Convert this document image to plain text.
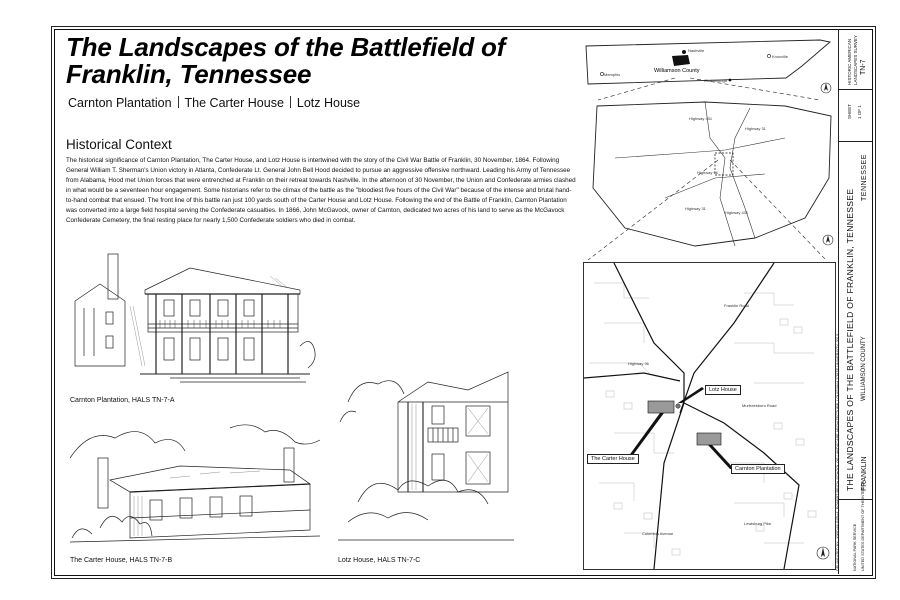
The Landscapes of the Battlefield of Franklin, Tennessee
Carnton Plantation The Carter House Lotz House
Historical Context
The historical significance of Carnton Plantation, The Carter House, and Lotz House is intertwined with the story of the Civil War Battle of Franklin, 30 November, 1864. Following General William T. Sherman's Union victory in Atlanta, Confederate Lt. General John Bell Hood decided to pursue an aggressive offensive northward. Leading his Army of Tennessee from Alabama, Hood met Union forces that were entrenched at Franklin on their retreat towards Nashville. In the afternoon of 30 November, the Union and Confederate armies clashed in what would be a seventeen hour engagement. Some historians refer to the climax of the battle as the "bloodiest five hours of the Civil War" because of the intense and brutal hand-to-hand combat that ensued. The front line of this battle ran just 100 yards south of the Carter House and Lotz House. Following the end of the Battle of Franklin, Carnton Plantation was converted into a large field hospital serving the Confederate casualties. In 1866, John McGavock, owner of Carnton, dedicated two acres of his land to serve as the McGavock Confederate Cemetery, the final resting place for nearly 1,500 Confederate soldiers who died in combat.
Carnton Plantation, HALS TN-7-A
The Carter House, HALS TN-7-B	Lotz House, HALS TN-7-C
Nashville
Knoxville
Memphis
Chattanooga
Williamson County
Highway 431
Highway 31
Highway 96
Highway 31
Highway 431
Lotz House
The Carter House
Carnton Plantation
Highway 96
Columbia Avenue
Lewisburg Pike
Franklin Road
Murfreesboro Road
HISTORIC AMERICAN LANDSCAPES SURVEY TN-7
SHEET 1 OF 1
TENNESSEE
THE LANDSCAPES OF THE BATTLEFIELD OF FRANKLIN, TENNESSEE WILLIAMSON COUNTY
FRANKLIN
DELINEATED BY: JORDAN BISHA, ROBERT REICH SCHOOL OF LANDSCAPE ARCHITECTURE, LOUISIANA STATE UNIVERSITY, 2013	NATIONAL PARK SERVICE UNITED STATES DEPARTMENT OF THE INTERIOR
